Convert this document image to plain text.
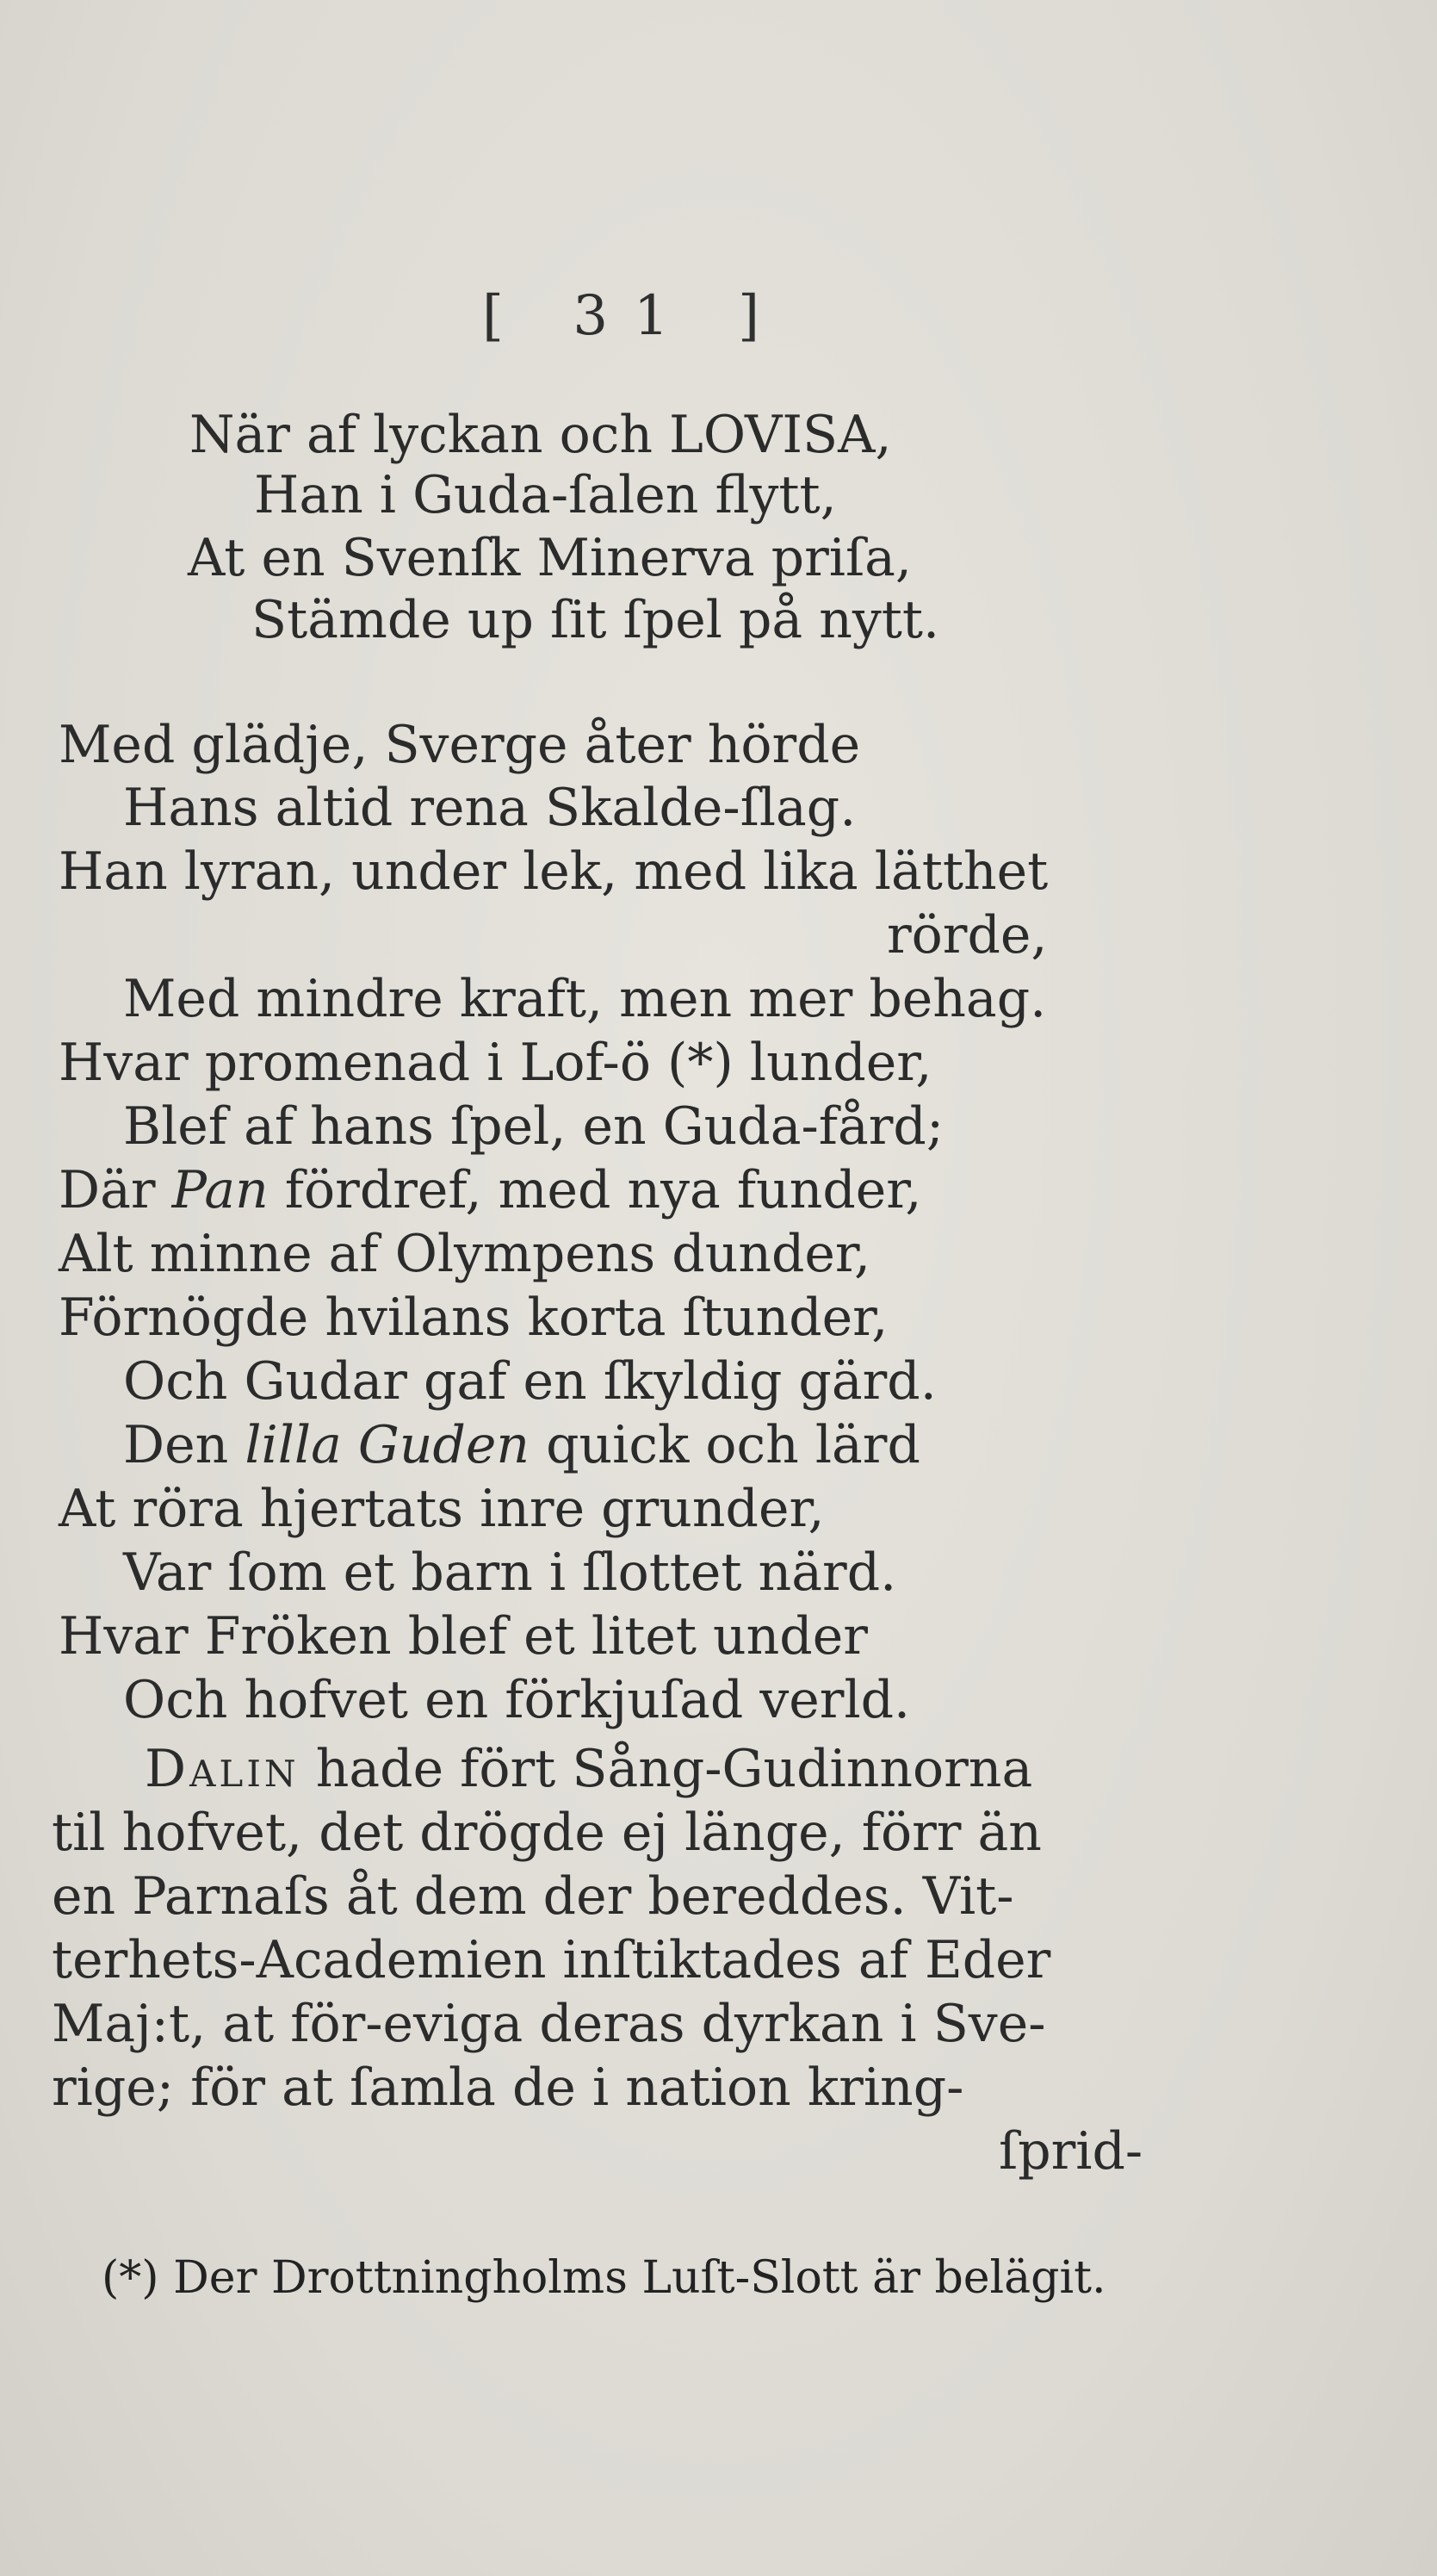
[ 31 ]
När af lyckan och LOVISA,
Han i Guda-ſalen flytt,
At en Svenſk Minerva priſa,
Stämde up ſit ſpel på nytt.
Med glädje, Sverge åter hörde
Hans altid rena Skalde-ſlag.
Han lyran, under lek, med lika lätthet
rörde,
Med mindre kraft, men mer behag.
Hvar promenad i Lof-ö (*) lunder,
Blef af hans ſpel, en Guda-fård;
Där Pan fördref, med nya funder,
Alt minne af Olympens dunder,
Förnögde hvilans korta ſtunder,
Och Gudar gaf en ſkyldig gärd.
Den lilla Guden quick och lärd
At röra hjertats inre grunder,
Var ſom et barn i ſlottet närd.
Hvar Fröken blef et litet under
Och hofvet en förkjuſad verld.
Dalin hade fört Sång-Gudinnorna
til hofvet, det drögde ej länge, förr än
en Parnaſs åt dem der bereddes. Vit-
terhets-Academien inſtiktades af Eder
Maj:t, at för-eviga deras dyrkan i Sve-
rige; för at ſamla de i nation kring-
ſprid-
(*) Der Drottningholms Luſt-Slott är belägit.
